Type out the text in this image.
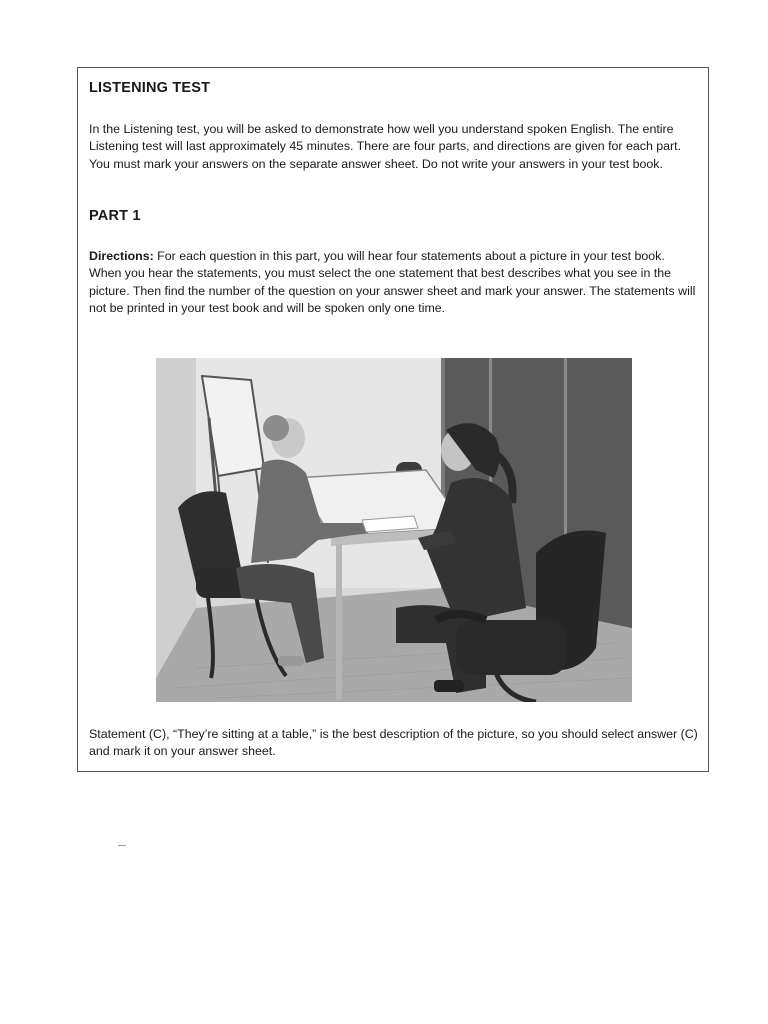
LISTENING TEST

In the Listening test, you will be asked to demonstrate how well you understand spoken English. The entire Listening test will last approximately 45 minutes. There are four parts, and directions are given for each part. You must mark your answers on the separate answer sheet. Do not write your answers in your test book.

PART 1

Directions: For each question in this part, you will hear four statements about a picture in your test book. When you hear the statements, you must select the one statement that best describes what you see in the picture. Then find the number of the question on your answer sheet and mark your answer. The statements will not be printed in your test book and will be spoken only one time.

Statement (C), “They’re sitting at a table,” is the best description of the picture, so you should select answer (C) and mark it on your answer sheet.
